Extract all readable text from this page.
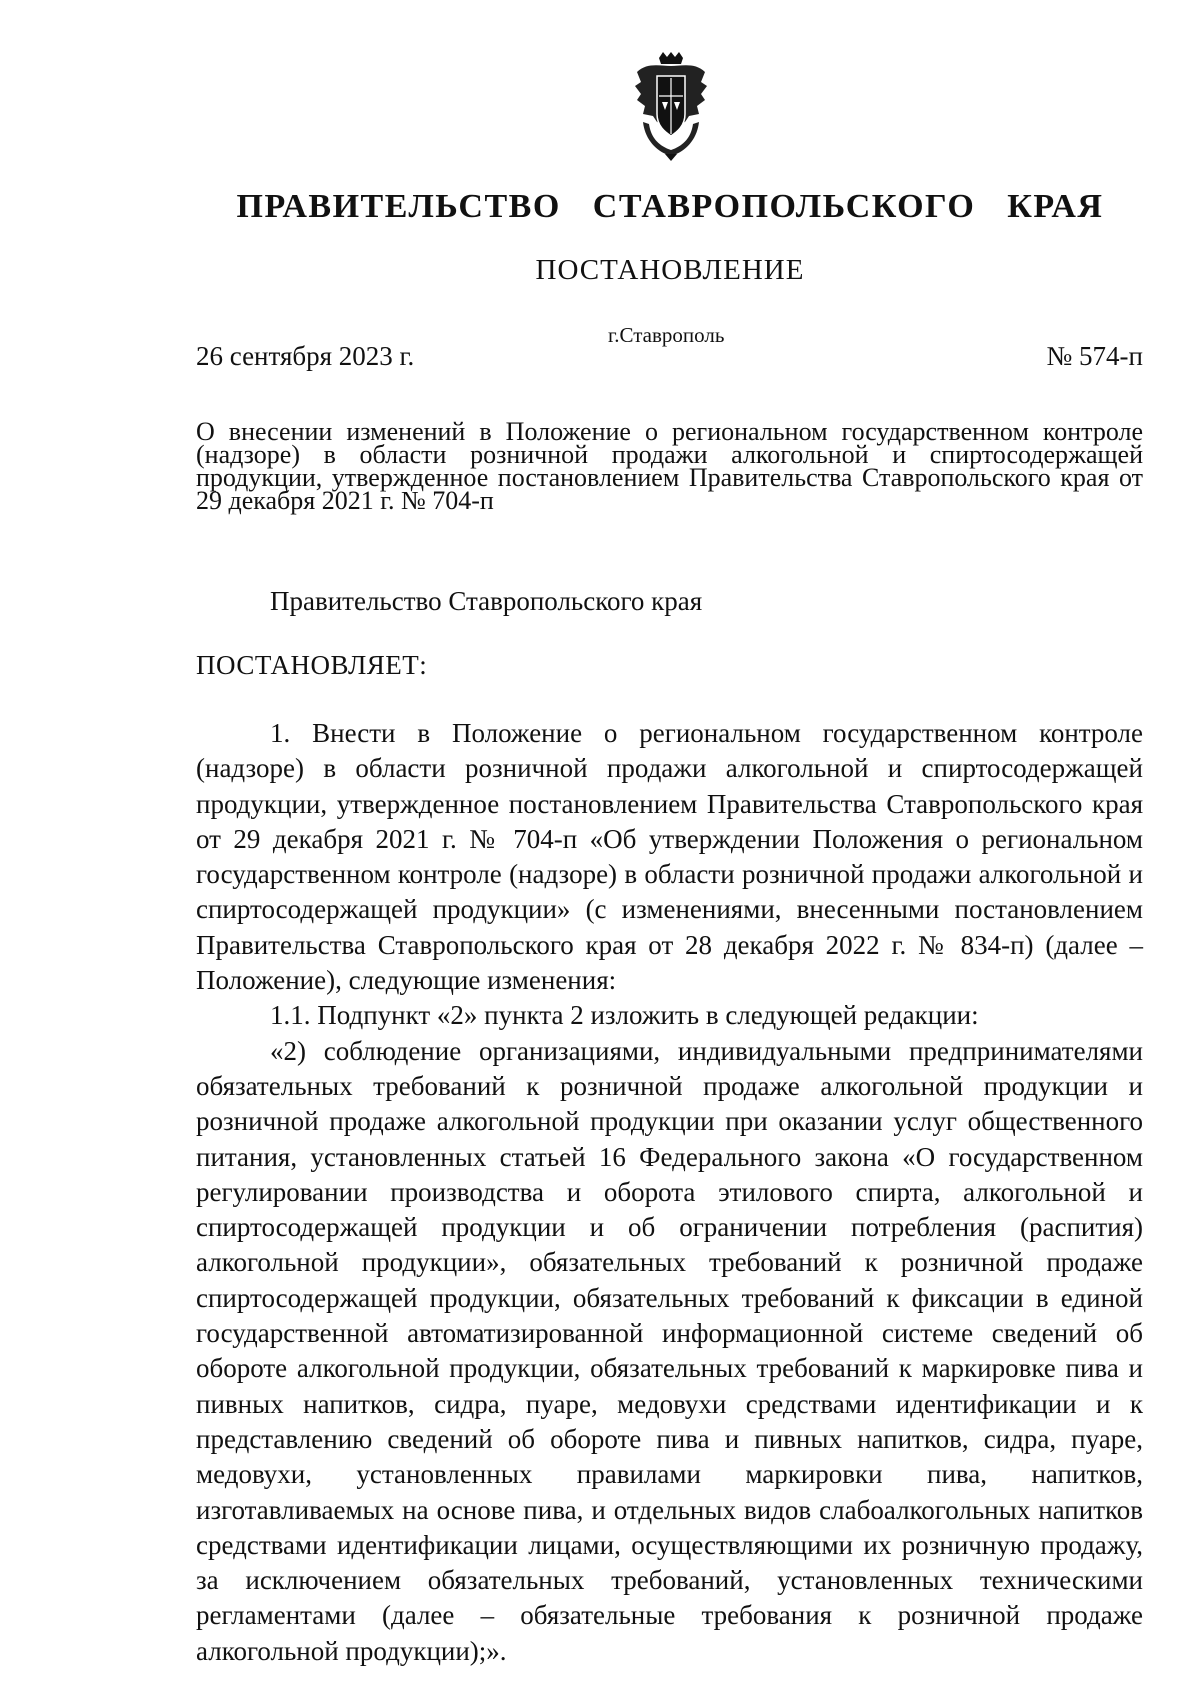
ПРАВИТЕЛЬСТВО СТАВРОПОЛЬСКОГО КРАЯ
ПОСТАНОВЛЕНИЕ
г.Ставрополь
26 сентября 2023 г.	№ 574-п
О внесении изменений в Положение о региональном государственном контроле (надзоре) в области розничной продажи алкогольной и спиртосодержащей продукции, утвержденное постановлением Правительства Ставропольского края от 29 декабря 2021 г. № 704-п
Правительство Ставропольского края
ПОСТАНОВЛЯЕТ:

1. Внести в Положение о региональном государственном контроле (надзоре) в области розничной продажи алкогольной и спиртосодержащей продукции, утвержденное постановлением Правительства Ставропольского края от 29 декабря 2021 г. № 704-п «Об утверждении Положения о региональном государственном контроле (надзоре) в области розничной продажи алкогольной и спиртосодержащей продукции» (с изменениями, внесенными постановлением Правительства Ставропольского края от 28 декабря 2022 г. № 834-п) (далее – Положение), следующие изменения:

1.1. Подпункт «2» пункта 2 изложить в следующей редакции:

«2) соблюдение организациями, индивидуальными предпринимателями обязательных требований к розничной продаже алкогольной продукции и розничной продаже алкогольной продукции при оказании услуг общественного питания, установленных статьей 16 Федерального закона «О государственном регулировании производства и оборота этилового спирта, алкогольной и спиртосодержащей продукции и об ограничении потребления (распития) алкогольной продукции», обязательных требований к розничной продаже спиртосодержащей продукции, обязательных требований к фиксации в единой государственной автоматизированной информационной системе сведений об обороте алкогольной продукции, обязательных требований к маркировке пива и пивных напитков, сидра, пуаре, медовухи средствами идентификации и к представлению сведений об обороте пива и пивных напитков, сидра, пуаре, медовухи, установленных правилами маркировки пива, напитков, изготавливаемых на основе пива, и отдельных видов слабоалкогольных напитков средствами идентификации лицами, осуществляющими их розничную продажу, за исключением обязательных требований, установленных техническими регламентами (далее – обязательные требования к розничной продаже алкогольной продукции);».
